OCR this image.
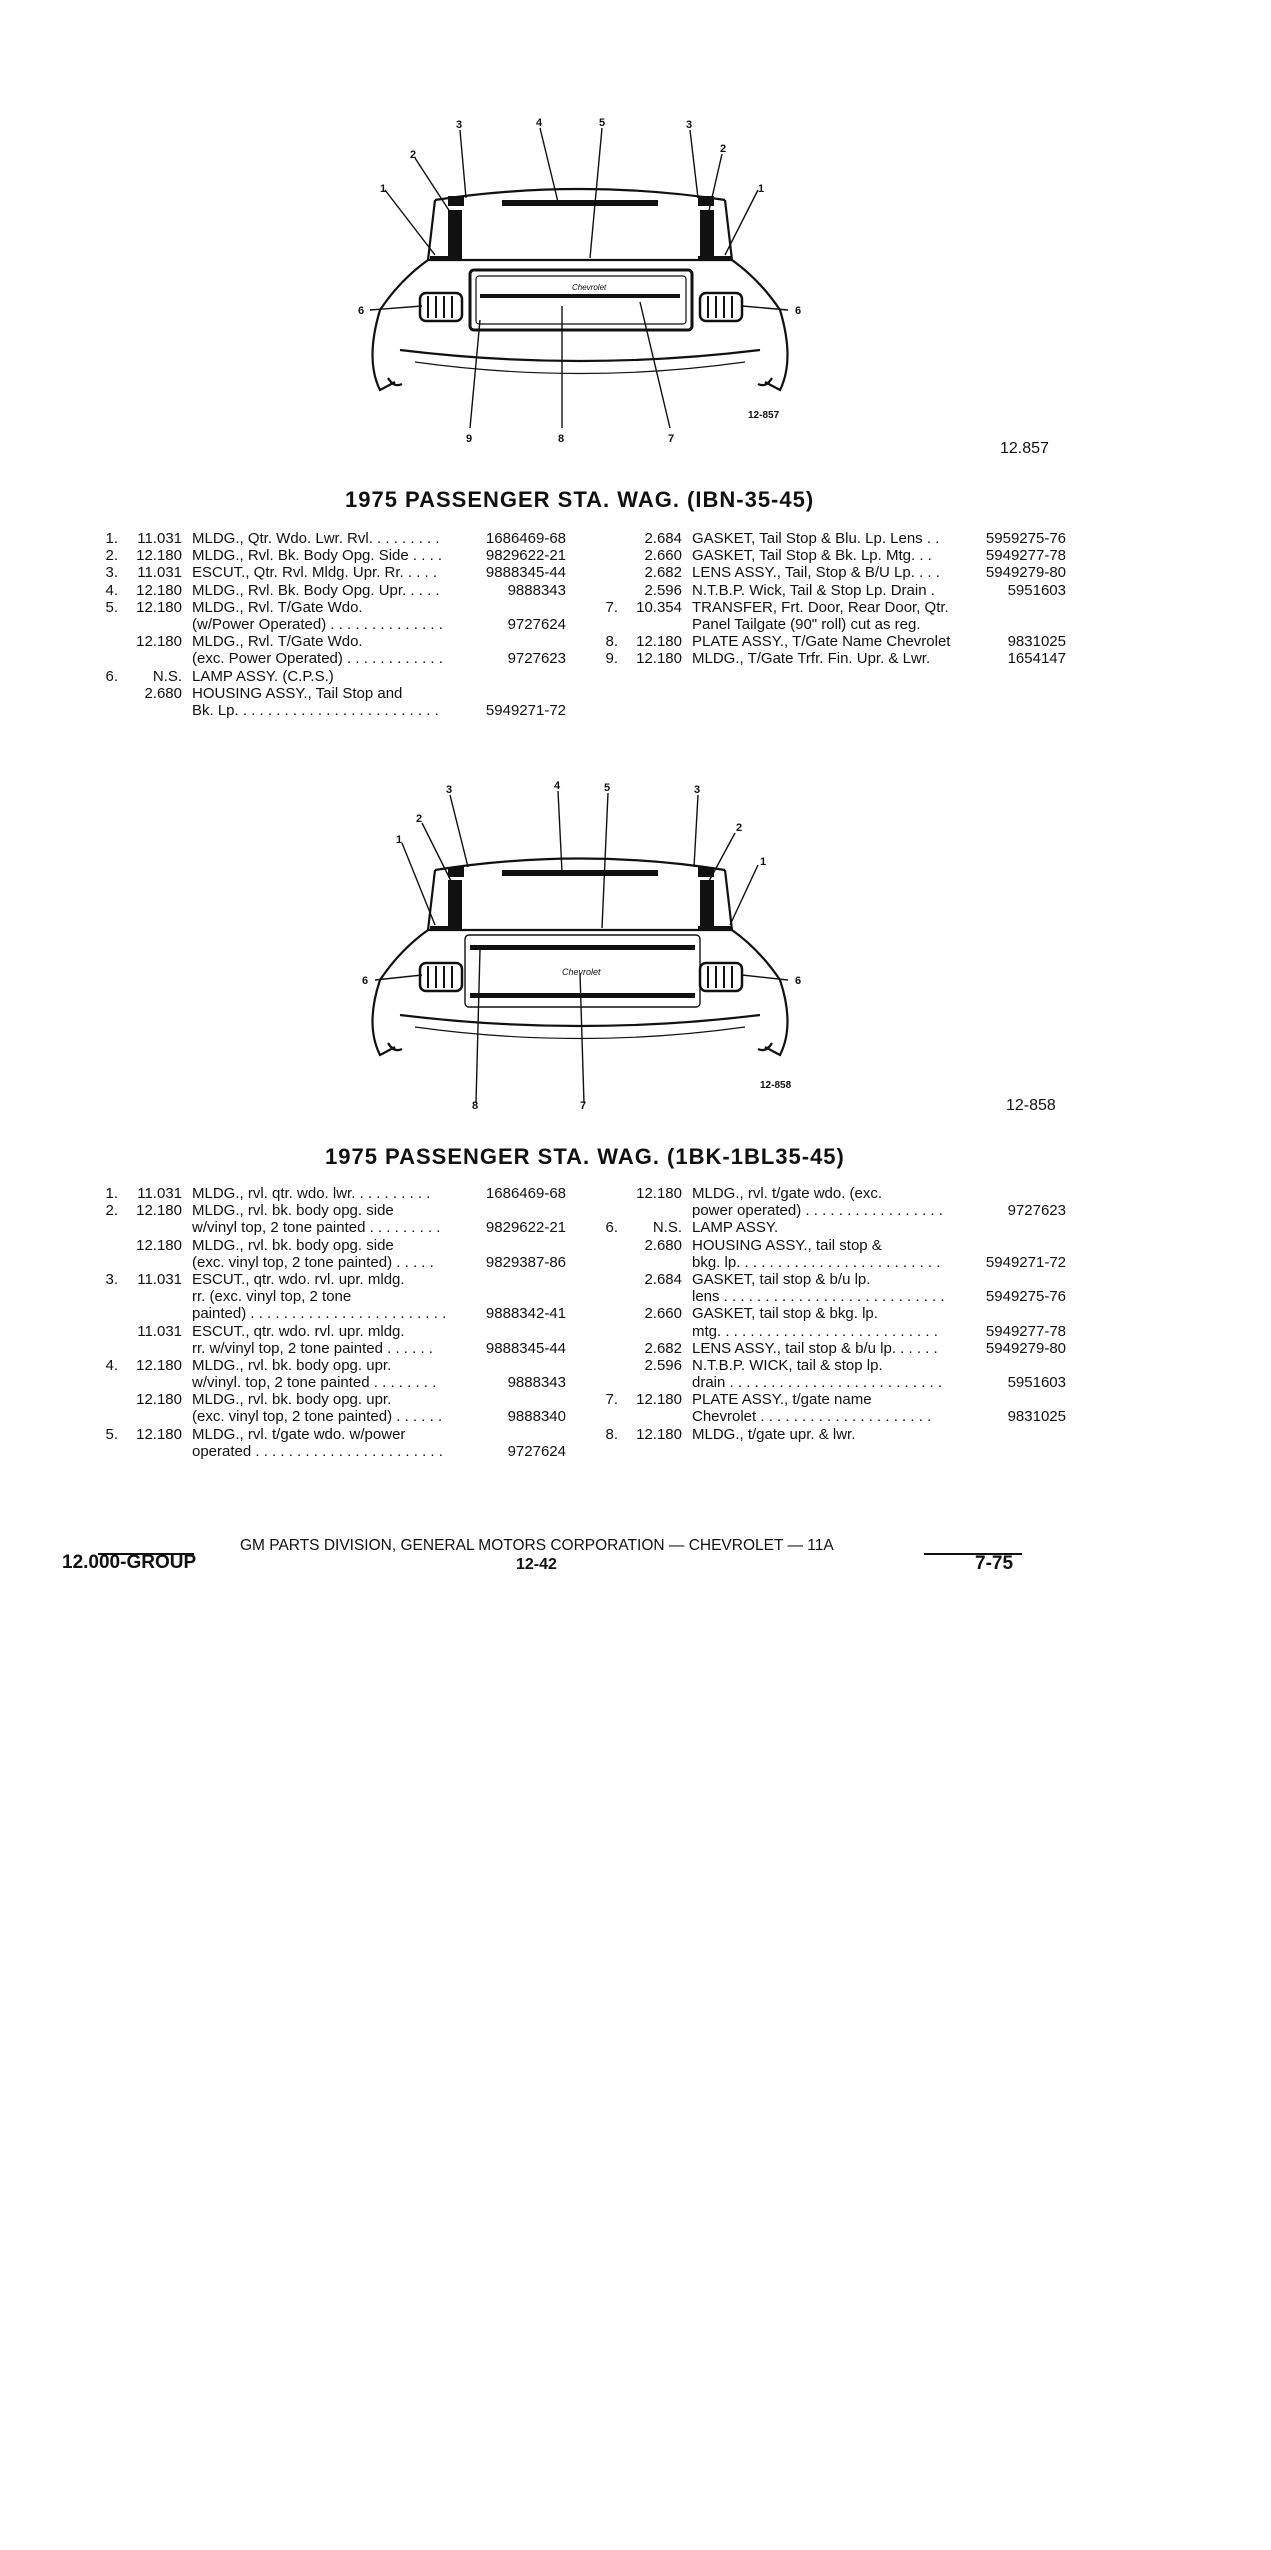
Chevrolet
1
2
3	4	5	3
2
1
6	6
9	8	7
12-857
12.857
1975 PASSENGER STA. WAG. (IBN-35-45)
1.	11.031 MLDG., Qtr. Wdo. Lwr. Rvl. . . . . . . . .	1686469-68
2.	12.180 MLDG., Rvl. Bk. Body Opg. Side . . . .	9829622-21
3.	11.031 ESCUT., Qtr. Rvl. Mldg. Upr. Rr. . . . .	9888345-44
4.	12.180 MLDG., Rvl. Bk. Body Opg. Upr. . . . .	9888343
5.	12.180 MLDG., Rvl. T/Gate Wdo.
(w/Power Operated) . . . . . . . . . . . . . .	9727624
12.180 MLDG., Rvl. T/Gate Wdo.
(exc. Power Operated) . . . . . . . . . . . .	9727623
6.	N.S. LAMP ASSY. (C.P.S.)
2.680 HOUSING ASSY., Tail Stop and
Bk. Lp. . . . . . . . . . . . . . . . . . . . . . . . .	5949271-72
2.684 GASKET, Tail Stop & Blu. Lp. Lens . .	5959275-76
2.660 GASKET, Tail Stop & Bk. Lp. Mtg. . .	5949277-78
2.682 LENS ASSY., Tail, Stop & B/U Lp. . . .	5949279-80
2.596 N.T.B.P. Wick, Tail & Stop Lp. Drain .	5951603
7.	10.354 TRANSFER, Frt. Door, Rear Door, Qtr.
Panel Tailgate (90" roll) cut as reg.
8.	12.180 PLATE ASSY., T/Gate Name Chevrolet	9831025
9.	12.180 MLDG., T/Gate Trfr. Fin. Upr. & Lwr.	1654147
Chevrolet
3	4	5	3
2
2
1
1
6	6
8	7
12-858
12-858
1975 PASSENGER STA. WAG. (1BK-1BL35-45)
1.	11.031 MLDG., rvl. qtr. wdo. lwr. . . . . . . . . .	1686469-68
2.	12.180 MLDG., rvl. bk. body opg. side
w/vinyl top, 2 tone painted . . . . . . . . .	9829622-21
12.180 MLDG., rvl. bk. body opg. side
(exc. vinyl top, 2 tone painted) . . . . .	9829387-86
3.	11.031 ESCUT., qtr. wdo. rvl. upr. mldg.
rr. (exc. vinyl top, 2 tone
painted) . . . . . . . . . . . . . . . . . . . . . . . .	9888342-41
11.031 ESCUT., qtr. wdo. rvl. upr. mldg.
rr. w/vinyl top, 2 tone painted . . . . . .	9888345-44
4.	12.180 MLDG., rvl. bk. body opg. upr.
w/vinyl. top, 2 tone painted . . . . . . . .	9888343
12.180 MLDG., rvl. bk. body opg. upr.
(exc. vinyl top, 2 tone painted) . . . . . .	9888340
5.	12.180 MLDG., rvl. t/gate wdo. w/power
operated . . . . . . . . . . . . . . . . . . . . . . .	9727624
12.180 MLDG., rvl. t/gate wdo. (exc.
power operated) . . . . . . . . . . . . . . . . .	9727623
6.	N.S. LAMP ASSY.
2.680 HOUSING ASSY., tail stop &
bkg. lp. . . . . . . . . . . . . . . . . . . . . . . . .	5949271-72
2.684 GASKET, tail stop & b/u lp.
lens . . . . . . . . . . . . . . . . . . . . . . . . . . .	5949275-76
2.660 GASKET, tail stop & bkg. lp.
mtg. . . . . . . . . . . . . . . . . . . . . . . . . . .	5949277-78
2.682 LENS ASSY., tail stop & b/u lp. . . . . .	5949279-80
2.596 N.T.B.P. WICK, tail & stop lp.
drain . . . . . . . . . . . . . . . . . . . . . . . . . .	5951603
7.	12.180 PLATE ASSY., t/gate name
Chevrolet . . . . . . . . . . . . . . . . . . . . .	9831025
8.	12.180 MLDG., t/gate upr. & lwr.
GM PARTS DIVISION, GENERAL MOTORS CORPORATION — CHEVROLET — 11A
12.000-GROUP	12-42	7-75
